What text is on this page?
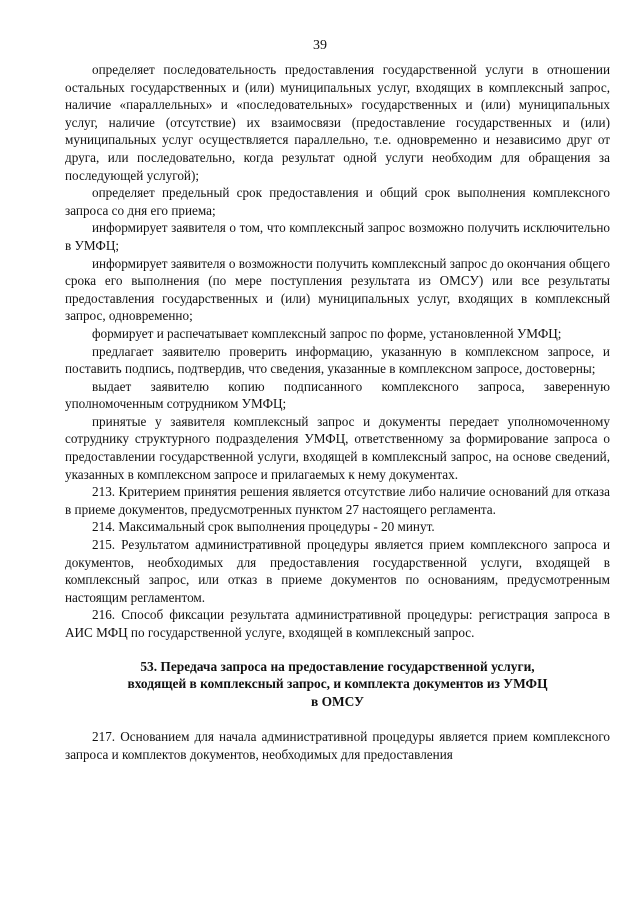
39

определяет последовательность предоставления государственной услуги в отношении остальных государственных и (или) муниципальных услуг, входящих в комплексный запрос, наличие «параллельных» и «последовательных» государственных и (или) муниципальных услуг, наличие (отсутствие) их взаимосвязи (предоставление государственных и (или) муниципальных услуг осуществляется параллельно, т.е. одновременно и независимо друг от друга, или последовательно, когда результат одной услуги необходим для обращения за последующей услугой);

определяет предельный срок предоставления и общий срок выполнения комплексного запроса со дня его приема;

информирует заявителя о том, что комплексный запрос возможно получить исключительно в УМФЦ;

информирует заявителя о возможности получить комплексный запрос до окончания общего срока его выполнения (по мере поступления результата из ОМСУ) или все результаты предоставления государственных и (или) муниципальных услуг, входящих в комплексный запрос, одновременно;

формирует и распечатывает комплексный запрос по форме, установленной УМФЦ;

предлагает заявителю проверить информацию, указанную в комплексном запросе, и поставить подпись, подтвердив, что сведения, указанные в комплексном запросе, достоверны;

выдает заявителю копию подписанного комплексного запроса, заверенную уполномоченным сотрудником УМФЦ;

принятые у заявителя комплексный запрос и документы передает уполномоченному сотруднику структурного подразделения УМФЦ, ответственному за формирование запроса о предоставлении государственной услуги, входящей в комплексный запрос, на основе сведений, указанных в комплексном запросе и прилагаемых к нему документах.

213. Критерием принятия решения является отсутствие либо наличие оснований для отказа в приеме документов, предусмотренных пунктом 27 настоящего регламента.

214. Максимальный срок выполнения процедуры - 20 минут.

215. Результатом административной процедуры является прием комплексного запроса и документов, необходимых для предоставления государственной услуги, входящей в комплексный запрос, или отказ в приеме документов по основаниям, предусмотренным настоящим регламентом.

216. Способ фиксации результата административной процедуры: регистрация запроса в АИС МФЦ по государственной услуге, входящей в комплексный запрос.

53. Передача запроса на предоставление государственной услуги, входящей в комплексный запрос, и комплекта документов из УМФЦ в ОМСУ

217. Основанием для начала административной процедуры является прием комплексного запроса и комплектов документов, необходимых для предоставления
